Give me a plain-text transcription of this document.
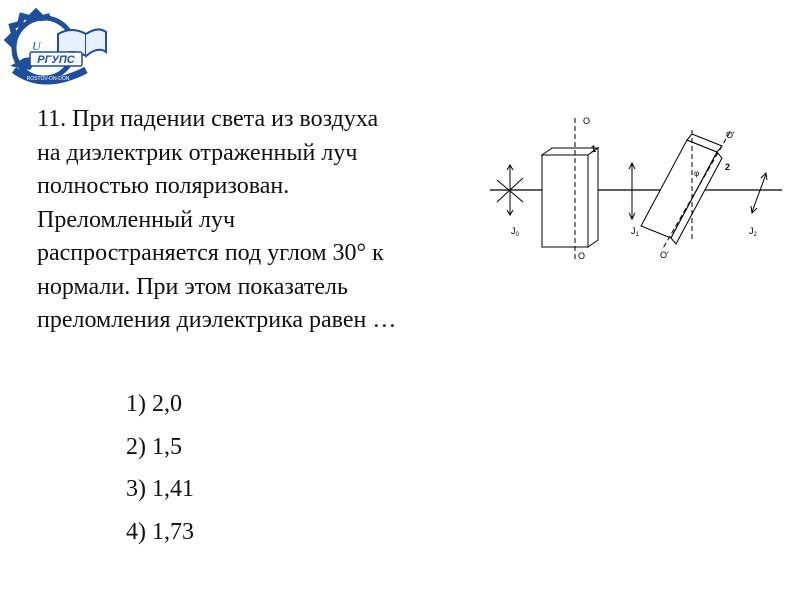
РГУПС
ROSTOV-ON-DON
U
11. При падении света из воздуха
на диэлектрик отраженный луч
полностью поляризован.
Преломленный луч
распространяется под углом 30° к
нормали. При этом показатель
преломления диэлектрика равен …
O
O
O'
O'
1
2
φ
$J_0$	$J_1$	$J_2$
1) 2,0
2) 1,5
3) 1,41
4) 1,73
